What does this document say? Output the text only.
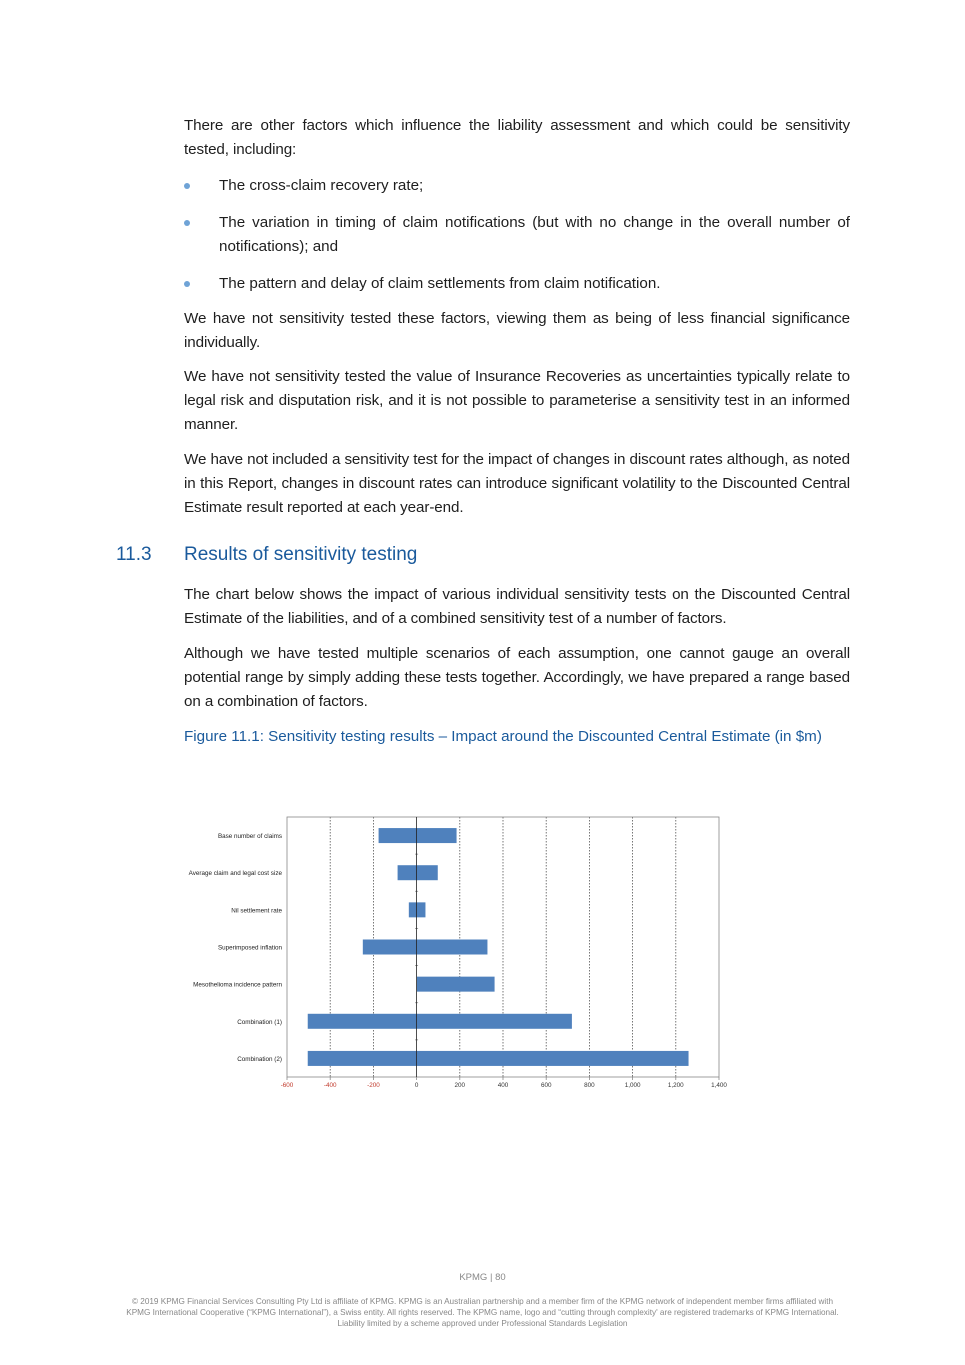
There are other factors which influence the liability assessment and which could be sensitivity tested, including:

The cross-claim recovery rate;
The variation in timing of claim notifications (but with no change in the overall number of notifications); and
The pattern and delay of claim settlements from claim notification.

We have not sensitivity tested these factors, viewing them as being of less financial significance individually.

We have not sensitivity tested the value of Insurance Recoveries as uncertainties typically relate to legal risk and disputation risk, and it is not possible to parameterise a sensitivity test in an informed manner.

We have not included a sensitivity test for the impact of changes in discount rates although, as noted in this Report, changes in discount rates can introduce significant volatility to the Discounted Central Estimate result reported at each year-end.

11.3 Results of sensitivity testing

The chart below shows the impact of various individual sensitivity tests on the Discounted Central Estimate of the liabilities, and of a combined sensitivity test of a number of factors.

Although we have tested multiple scenarios of each assumption, one cannot gauge an overall potential range by simply adding these tests together. Accordingly, we have prepared a range based on a combination of factors.

Figure 11.1: Sensitivity testing results – Impact around the Discounted Central Estimate (in $m)
Base number of claims
Average claim and legal cost size
Nil settlement rate
Superimposed inflation
Mesothelioma incidence pattern
Combination (1)
Combination (2)
-600	-400	-200	0	200	400	600	800	1,000	1,200	1,400
KPMG | 80
© 2019 KPMG Financial Services Consulting Pty Ltd is affiliate of KPMG. KPMG is an Australian partnership and a member firm of the KPMG network of independent member firms affiliated with KPMG International Cooperative (“KPMG International”), a Swiss entity. All rights reserved. The KPMG name, logo and “cutting through complexity' are registered trademarks of KPMG International. Liability limited by a scheme approved under Professional Standards Legislation
